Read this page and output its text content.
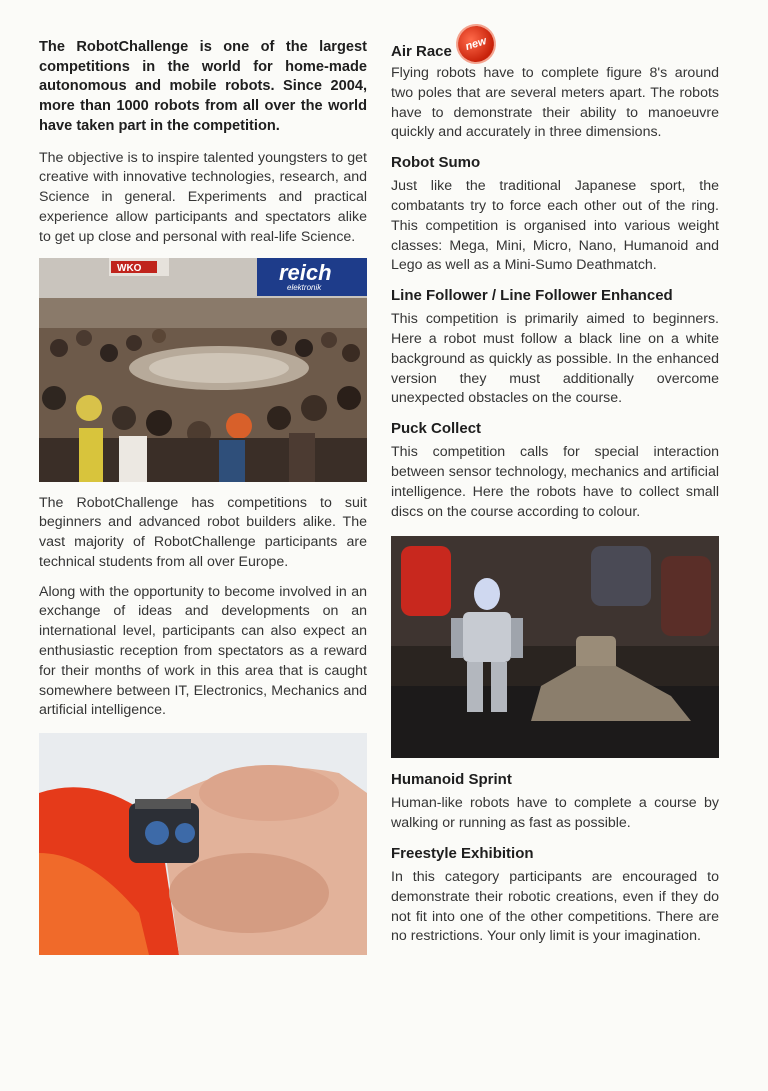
The RobotChallenge is one of the largest competitions in the world for home-made autonomous and mobile robots. Since 2004, more than 1000 robots from all over the world have taken part in the competition.

The objective is to inspire talented youngsters to get creative with innovative technologies, research, and Science in general. Experiments and practical experience allow participants and spectators alike to get up close and personal with real-life Science.

WKO	reich
elektronik

The RobotChallenge has competitions to suit beginners and advanced robot builders alike. The vast majority of RobotChallenge participants are technical students from all over Europe.

Along with the opportunity to become involved in an exchange of ideas and developments on an international level, participants can also expect an enthusiastic reception from spectators as a reward for their months of work in this area that is caught somewhere between IT, Electronics, Mechanics and artificial intelligence.

Air Race new

Flying robots have to complete figure 8's around two poles that are several meters apart. The robots have to demonstrate their ability to manoeuvre quickly and accurately in three dimensions.

Robot Sumo

Just like the traditional Japanese sport, the combatants try to force each other out of the ring. This competition is organised into various weight classes: Mega, Mini, Micro, Nano, Humanoid and Lego as well as a Mini-Sumo Deathmatch.

Line Follower / Line Follower Enhanced

This competition is primarily aimed to beginners. Here a robot must follow a black line on a white background as quickly as possible. In the enhanced version they must additionally overcome unexpected obstacles on the course.

Puck Collect

This competition calls for special interaction between sensor technology, mechanics and artificial intelligence. Here the robots have to collect small discs on the course according to colour.

Humanoid Sprint

Human-like robots have to complete a course by walking or running as fast as possible.

Freestyle Exhibition

In this category participants are encouraged to demonstrate their robotic creations, even if they do not fit into one of the other competitions. There are no restrictions. Your only limit is your imagination.
